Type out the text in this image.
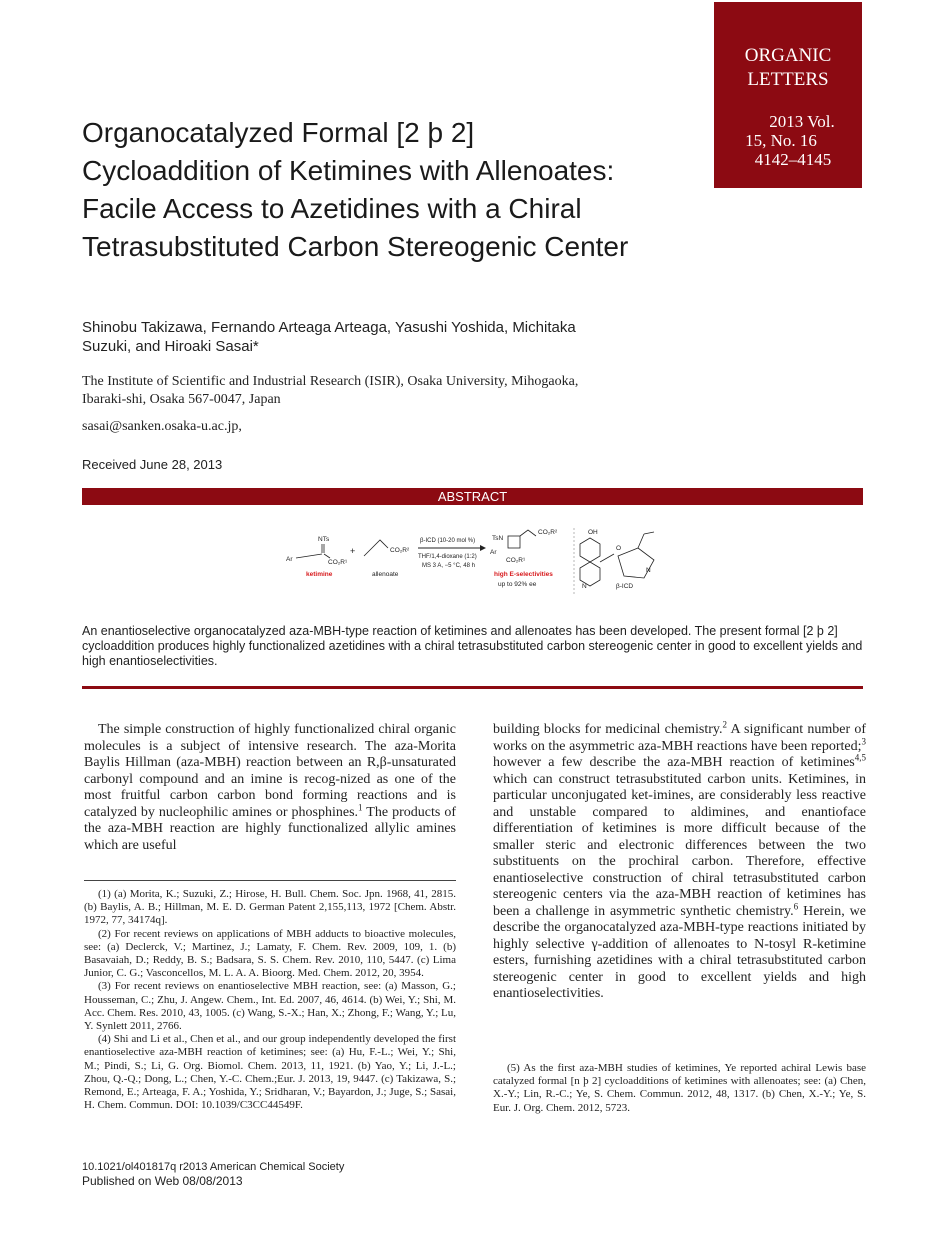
ORGANIC
LETTERS
2013 Vol.
15, No. 16
4142–4145
Organocatalyzed Formal [2 þ 2] Cycloaddition of Ketimines with Allenoates: Facile Access to Azetidines with a Chiral Tetrasubstituted Carbon Stereogenic Center
Shinobu Takizawa, Fernando Arteaga Arteaga, Yasushi Yoshida, Michitaka Suzuki, and Hiroaki Sasai*
The Institute of Scientific and Industrial Research (ISIR), Osaka University, Mihogaoka, Ibaraki-shi, Osaka 567-0047, Japan
sasai@sanken.osaka-u.ac.jp,
Received June 28, 2013
ABSTRACT
NTs
Ar	CO₂R¹
ketimine
+	CO₂R²
allenoate
β-ICD (10-20 mol %)
THF/1,4-dioxane (1:2)
MS 3 A, −5 °C, 48 h
TsN
CO₂R²
Ar
CO₂R¹
high E-selectivities
up to 92% ee
OH
N
O
N
β-ICD
An enantioselective organocatalyzed aza-MBH-type reaction of ketimines and allenoates has been developed. The present formal [2 þ 2] cycloaddition produces highly functionalized azetidines with a chiral tetrasubstituted carbon stereogenic center in good to excellent yields and high enantioselectivities.

The simple construction of highly functionalized chiral organic molecules is a subject of intensive research. The aza-Morita Baylis Hillman (aza-MBH) reaction between an R,β-unsaturated carbonyl compound and an imine is recog-nized as one of the most fruitful carbon carbon bond forming reactions and is catalyzed by nucleophilic amines or phosphines.$^1$ The products of the aza-MBH reaction are highly functionalized allylic amines which are useful

(1) (a) Morita, K.; Suzuki, Z.; Hirose, H. Bull. Chem. Soc. Jpn. 1968, 41, 2815. (b) Baylis, A. B.; Hillman, M. E. D. German Patent 2,155,113, 1972 [Chem. Abstr. 1972, 77, 34174q].

(2) For recent reviews on applications of MBH adducts to bioactive molecules, see: (a) Declerck, V.; Martinez, J.; Lamaty, F. Chem. Rev. 2009, 109, 1. (b) Basavaiah, D.; Reddy, B. S.; Badsara, S. S. Chem. Rev. 2010, 110, 5447. (c) Lima Junior, C. G.; Vasconcellos, M. L. A. A. Bioorg. Med. Chem. 2012, 20, 3954.

(3) For recent reviews on enantioselective MBH reaction, see: (a) Masson, G.; Housseman, C.; Zhu, J. Angew. Chem., Int. Ed. 2007, 46, 4614. (b) Wei, Y.; Shi, M. Acc. Chem. Res. 2010, 43, 1005. (c) Wang, S.-X.; Han, X.; Zhong, F.; Wang, Y.; Lu, Y. Synlett 2011, 2766.

(4) Shi and Li et al., Chen et al., and our group independently developed the first enantioselective aza-MBH reaction of ketimines; see: (a) Hu, F.-L.; Wei, Y.; Shi, M.; Pindi, S.; Li, G. Org. Biomol. Chem. 2013, 11, 1921. (b) Yao, Y.; Li, J.-L.; Zhou, Q.-Q.; Dong, L.; Chen, Y.-C. Chem.;Eur. J. 2013, 19, 9447. (c) Takizawa, S.; Remond, E.; Arteaga, F. A.; Yoshida, Y.; Sridharan, V.; Bayardon, J.; Juge, S.; Sasai, H. Chem. Commun. DOI: 10.1039/C3CC44549F.

building blocks for medicinal chemistry.$^2$ A significant number of works on the asymmetric aza-MBH reactions have been reported;$^3$ however a few describe the aza-MBH reaction of ketimines$^{4,5}$ which can construct tetrasubstituted carbon units. Ketimines, in particular unconjugated ket-imines, are considerably less reactive and unstable compared to aldimines, and enantioface differentiation of ketimines is more difficult because of the smaller steric and electronic differences between the two substituents on the prochiral carbon. Therefore, effective enantioselective construction of chiral tetrasubstituted carbon stereogenic centers via the aza-MBH reaction of ketimines has been a challenge in asymmetric synthetic chemistry.$^6$ Herein, we describe the organocatalyzed aza-MBH-type reactions initiated by highly selective γ-addition of allenoates to N-tosyl R-ketimine esters, furnishing azetidines with a chiral tetrasubstituted carbon stereogenic center in good to excellent yields and high enantioselectivities.

(5) As the first aza-MBH studies of ketimines, Ye reported achiral Lewis base catalyzed formal [n þ 2] cycloadditions of ketimines with allenoates; see: (a) Chen, X.-Y.; Lin, R.-C.; Ye, S. Chem. Commun. 2012, 48, 1317. (b) Chen, X.-Y.; Ye, S. Eur. J. Org. Chem. 2012, 5723.

10.1021/ol401817q r2013 American Chemical Society
Published on Web 08/08/2013
